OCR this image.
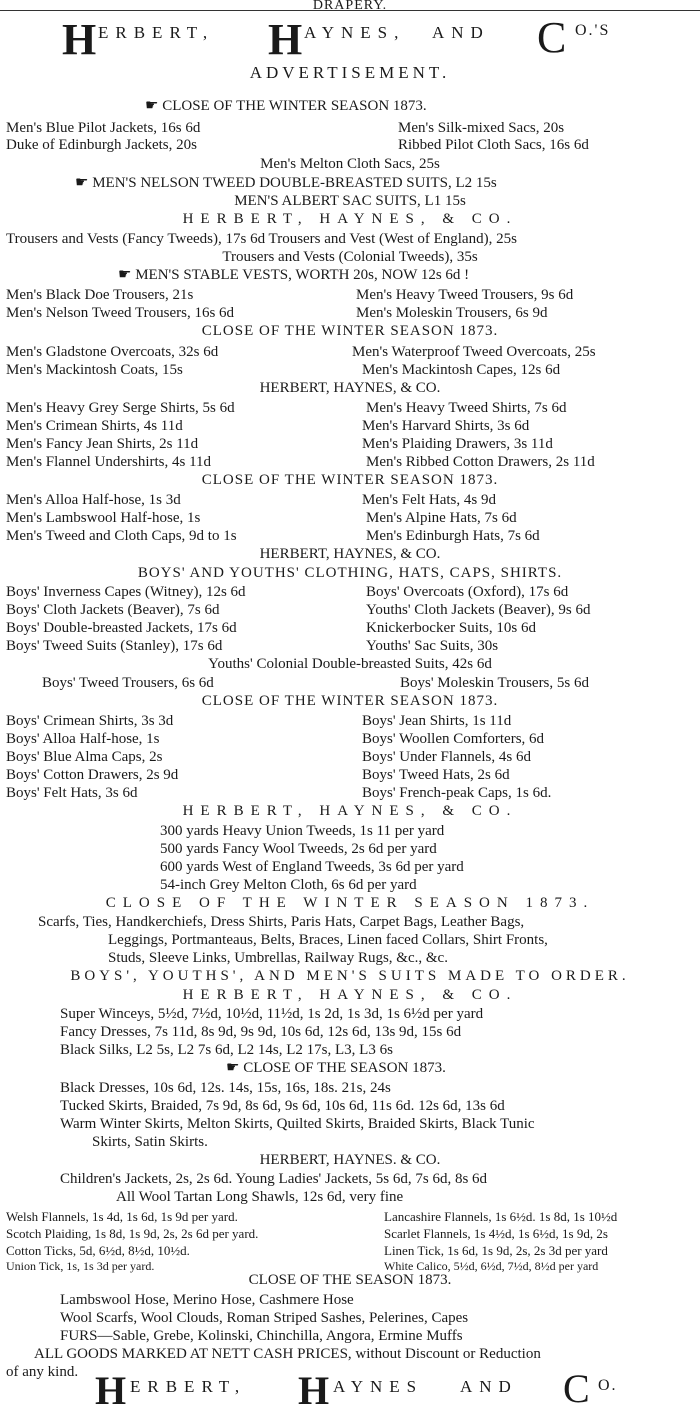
DRAPERY.
H ERBERT, H AYNES, AND C O.'S
ADVERTISEMENT.
☛ CLOSE OF THE WINTER SEASON 1873.
Men's Blue Pilot Jackets, 16s 6d	Men's Silk-mixed Sacs, 20s
Duke of Edinburgh Jackets, 20s	Ribbed Pilot Cloth Sacs, 16s 6d
Men's Melton Cloth Sacs, 25s
☛ MEN'S NELSON TWEED DOUBLE-BREASTED SUITS, L2 15s
MEN'S ALBERT SAC SUITS, L1 15s
HERBERT, HAYNES, & CO.
Trousers and Vests (Fancy Tweeds), 17s 6d Trousers and Vest (West of England), 25s
Trousers and Vests (Colonial Tweeds), 35s
☛ MEN'S STABLE VESTS, WORTH 20s, NOW 12s 6d !
Men's Black Doe Trousers, 21s	Men's Heavy Tweed Trousers, 9s 6d
Men's Nelson Tweed Trousers, 16s 6d	Men's Moleskin Trousers, 6s 9d
CLOSE OF THE WINTER SEASON 1873.
Men's Gladstone Overcoats, 32s 6d	Men's Waterproof Tweed Overcoats, 25s
Men's Mackintosh Coats, 15s	Men's Mackintosh Capes, 12s 6d
HERBERT, HAYNES, & CO.
Men's Heavy Grey Serge Shirts, 5s 6d	Men's Heavy Tweed Shirts, 7s 6d
Men's Crimean Shirts, 4s 11d	Men's Harvard Shirts, 3s 6d
Men's Fancy Jean Shirts, 2s 11d	Men's Plaiding Drawers, 3s 11d
Men's Flannel Undershirts, 4s 11d	Men's Ribbed Cotton Drawers, 2s 11d
CLOSE OF THE WINTER SEASON 1873.
Men's Alloa Half-hose, 1s 3d	Men's Felt Hats, 4s 9d
Men's Lambswool Half-hose, 1s	Men's Alpine Hats, 7s 6d
Men's Tweed and Cloth Caps, 9d to 1s	Men's Edinburgh Hats, 7s 6d
HERBERT, HAYNES, & CO.
BOYS' AND YOUTHS' CLOTHING, HATS, CAPS, SHIRTS.
Boys' Inverness Capes (Witney), 12s 6d	Boys' Overcoats (Oxford), 17s 6d
Boys' Cloth Jackets (Beaver), 7s 6d	Youths' Cloth Jackets (Beaver), 9s 6d
Boys' Double-breasted Jackets, 17s 6d	Knickerbocker Suits, 10s 6d
Boys' Tweed Suits (Stanley), 17s 6d	Youths' Sac Suits, 30s
Youths' Colonial Double-breasted Suits, 42s 6d
Boys' Tweed Trousers, 6s 6d	Boys' Moleskin Trousers, 5s 6d
CLOSE OF THE WINTER SEASON 1873.
Boys' Crimean Shirts, 3s 3d	Boys' Jean Shirts, 1s 11d
Boys' Alloa Half-hose, 1s	Boys' Woollen Comforters, 6d
Boys' Blue Alma Caps, 2s	Boys' Under Flannels, 4s 6d
Boys' Cotton Drawers, 2s 9d	Boys' Tweed Hats, 2s 6d
Boys' Felt Hats, 3s 6d	Boys' French-peak Caps, 1s 6d.
HERBERT, HAYNES, & CO.
300 yards Heavy Union Tweeds, 1s 11 per yard
500 yards Fancy Wool Tweeds, 2s 6d per yard
600 yards West of England Tweeds, 3s 6d per yard
54-inch Grey Melton Cloth, 6s 6d per yard
CLOSE OF THE WINTER SEASON 1873.
Scarfs, Ties, Handkerchiefs, Dress Shirts, Paris Hats, Carpet Bags, Leather Bags,
Leggings, Portmanteaus, Belts, Braces, Linen faced Collars, Shirt Fronts,
Studs, Sleeve Links, Umbrellas, Railway Rugs, &c., &c.
BOYS', YOUTHS', AND MEN'S SUITS MADE TO ORDER.
HERBERT, HAYNES, & CO.
Super Winceys, 5½d, 7½d, 10½d, 11½d, 1s 2d, 1s 3d, 1s 6½d per yard
Fancy Dresses, 7s 11d, 8s 9d, 9s 9d, 10s 6d, 12s 6d, 13s 9d, 15s 6d
Black Silks, L2 5s, L2 7s 6d, L2 14s, L2 17s, L3, L3 6s
☛ CLOSE OF THE SEASON 1873.
Black Dresses, 10s 6d, 12s. 14s, 15s, 16s, 18s. 21s, 24s
Tucked Skirts, Braided, 7s 9d, 8s 6d, 9s 6d, 10s 6d, 11s 6d. 12s 6d, 13s 6d
Warm Winter Skirts, Melton Skirts, Quilted Skirts, Braided Skirts, Black Tunic
Skirts, Satin Skirts.
HERBERT, HAYNES. & CO.
Children's Jackets, 2s, 2s 6d. Young Ladies' Jackets, 5s 6d, 7s 6d, 8s 6d
All Wool Tartan Long Shawls, 12s 6d, very fine
Welsh Flannels, 1s 4d, 1s 6d, 1s 9d per yard.	Lancashire Flannels, 1s 6½d. 1s 8d, 1s 10½d
Scotch Plaiding, 1s 8d, 1s 9d, 2s, 2s 6d per yard.	Scarlet Flannels, 1s 4½d, 1s 6½d, 1s 9d, 2s
Cotton Ticks, 5d, 6½d, 8½d, 10½d.	Linen Tick, 1s 6d, 1s 9d, 2s, 2s 3d per yard
Union Tick, 1s, 1s 3d per yard.	White Calico, 5½d, 6½d, 7½d, 8½d per yard
CLOSE OF THE SEASON 1873.
Lambswool Hose, Merino Hose, Cashmere Hose
Wool Scarfs, Wool Clouds, Roman Striped Sashes, Pelerines, Capes
FURS—Sable, Grebe, Kolinski, Chinchilla, Angora, Ermine Muffs
ALL GOODS MARKED AT NETT CASH PRICES, without Discount or Reduction
of any kind. H ERBERT, H AYNES AND C O.
